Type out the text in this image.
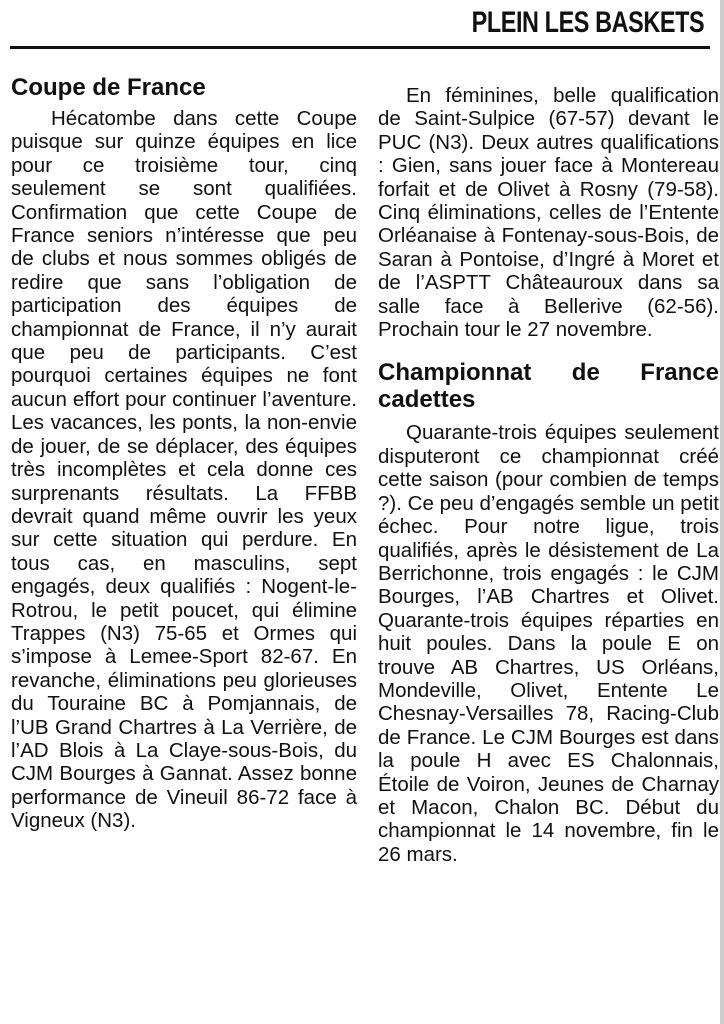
PLEIN LES BASKETS
Coupe de France

Hécatombe dans cette Coupe puisque sur quinze équipes en lice pour ce troisième tour, cinq seulement se sont qualifiées. Confirmation que cette Coupe de France seniors n’intéresse que peu de clubs et nous sommes obligés de redire que sans l’obligation de participation des équipes de championnat de France, il n’y aurait que peu de participants. C’est pourquoi certaines équipes ne font aucun effort pour continuer l’aventure. Les vacances, les ponts, la non-envie de jouer, de se déplacer, des équipes très incomplètes et cela donne ces surprenants résultats. La FFBB devrait quand même ouvrir les yeux sur cette situation qui perdure. En tous cas, en masculins, sept engagés, deux qualifiés : Nogent-le-Rotrou, le petit poucet, qui élimine Trappes (N3) 75-65 et Ormes qui s’impose à Lemee-Sport 82-67. En revanche, éliminations peu glorieuses du Touraine BC à Pomjannais, de l’UB Grand Chartres à La Verrière, de l’AD Blois à La Claye-sous-Bois, du CJM Bourges à Gannat. Assez bonne performance de Vineuil 86-72 face à Vigneux (N3).

En féminines, belle qualification de Saint-Sulpice (67-57) devant le PUC (N3). Deux autres qualifications : Gien, sans jouer face à Montereau forfait et de Olivet à Rosny (79-58). Cinq éliminations, celles de l’Entente Orléanaise à Fontenay-sous-Bois, de Saran à Pontoise, d’Ingré à Moret et de l’ASPTT Châteauroux dans sa salle face à Bellerive (62-56). Prochain tour le 27 novembre.

Championnat de France cadettes

Quarante-trois équipes seulement disputeront ce championnat créé cette saison (pour combien de temps ?). Ce peu d’engagés semble un petit échec. Pour notre ligue, trois qualifiés, après le désistement de La Berrichonne, trois engagés : le CJM Bourges, l’AB Chartres et Olivet. Quarante-trois équipes réparties en huit poules. Dans la poule E on trouve AB Chartres, US Orléans, Mondeville, Olivet, Entente Le Chesnay-Versailles 78, Racing-Club de France. Le CJM Bourges est dans la poule H avec ES Chalonnais, Étoile de Voiron, Jeunes de Charnay et Macon, Chalon BC. Début du championnat le 14 novembre, fin le 26 mars.
